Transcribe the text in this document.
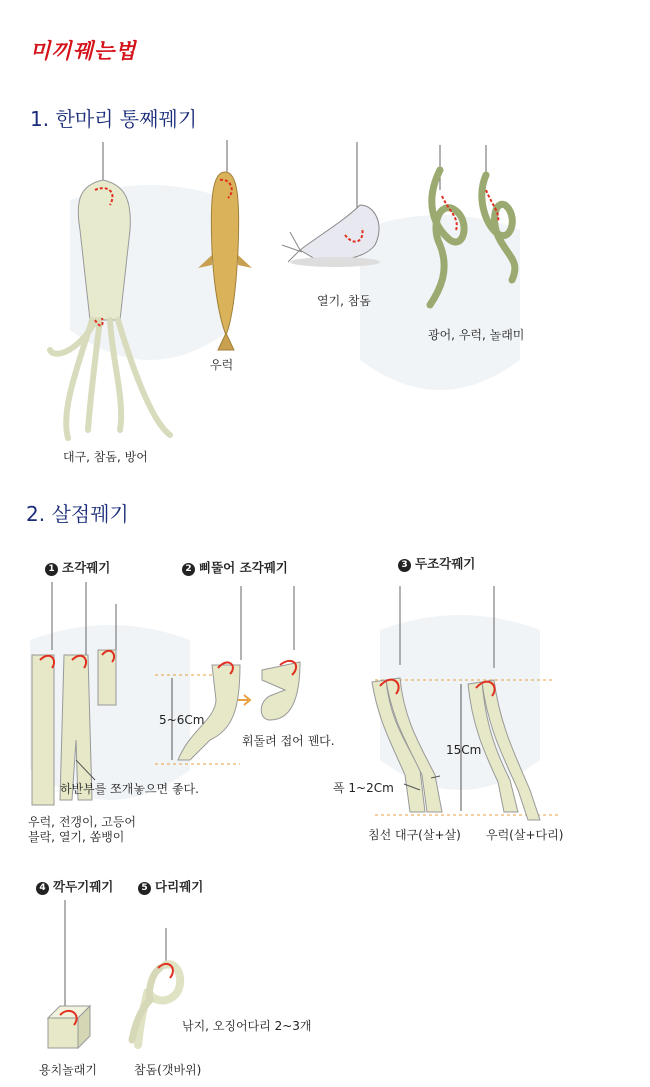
미끼꿰는법
1. 한마리 통째꿰기
대구, 참돔, 방어
우럭
열기, 참돔
광어, 우럭, 놀래미
2. 살점꿰기
1 조각꿰기	2 삐뚤어 조각꿰기	3 두조각꿰기
4 깍두기꿰기	5 다리꿰기
하반부를 쪼개놓으면 좋다.
우럭, 전갱이, 고등어
블락, 열기, 쏨뱅이
5~6Cm
휘돌려 접어 꿴다.
15Cm
폭 1~2Cm
침선 대구(살+살) 우럭(살+다리)
용치놀래기
낚지, 오징어다리 2~3개
참돔(갯바위)
